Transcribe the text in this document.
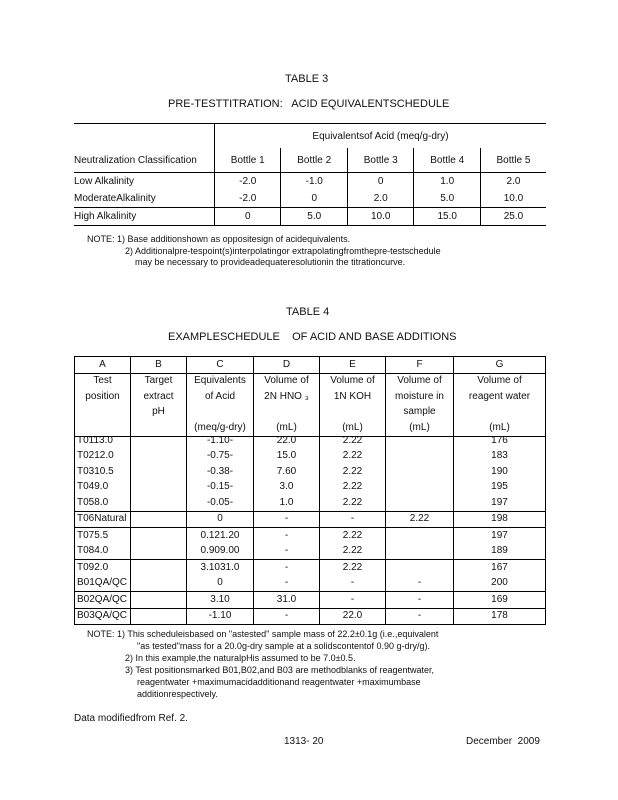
TABLE 3
PRE-TESTTITRATION:   ACID EQUIVALENTSCHEDULE
	Equivalentsof Acid (meq/g-dry)				
Neutralization Classification	Bottle 1	Bottle 2	Bottle 3	Bottle 4	Bottle 5
Low Alkalinity	-2.0	-1.0	0	1.0	2.0
ModerateAlkalinity	-2.0	0	2.0	5.0	10.0
High Alkalinity	0	5.0	10.0	15.0	25.0
NOTE: 1) Base additionshown as oppositesign of acidequivalents.
2) Additionalpre-tespoint(s)interpolatingor extrapolatingfromthepre-testschedule
may be necessary to provideadequateresolutionin the titrationcurve.
TABLE 4
EXAMPLESCHEDULE    OF ACID AND BASE ADDITIONS
A	B	C	D	E	F	G
Test	Target	Equivalents	Volume of	Volume of	Volume of	Volume of
position	extract	of Acid	2N HNO ₃	1N KOH	moisture in	reagent water
	pH				sample	
		(meq/g-dry)	(mL)	(mL)	(mL)	(mL)
T0113.0		-1.10-	22.0	2.22		176
T0212.0		-0.75-	15.0	2.22		183
T0310.5		-0.38-	7.60	2.22		190
T049.0		-0.15-	3.0	2.22		195
T058.0		-0.05-	1.0	2.22		197
T06Natural		0	-	-	2.22	198
T075.5		0.121.20	-	2.22		197
T084.0		0.909.00	-	2.22		189
T092.0		3.1031.0	-	2.22		167
B01QA/QC		0	-	-	-	200
B02QA/QC		3.10	31.0	-	-	169
B03QA/QC		-1.10	-	22.0	-	178
NOTE: 1) This scheduleisbased on "astested" sample mass of 22.2±0.1g (i.e.,equivalent
"as tested"mass for a 20.0g-dry sample at a solidscontentof 0.90 g-dry/g).
2) In this example,the naturalpHis assumed to be 7.0±0.5.
3) Test positionsmarked B01,B02,and B03 are methodblanks of reagentwater,
reagentwater +maximumacidadditionand reagentwater +maximumbase
additionrespectively.
Data modifiedfrom Ref. 2.
1313- 20	December  2009
